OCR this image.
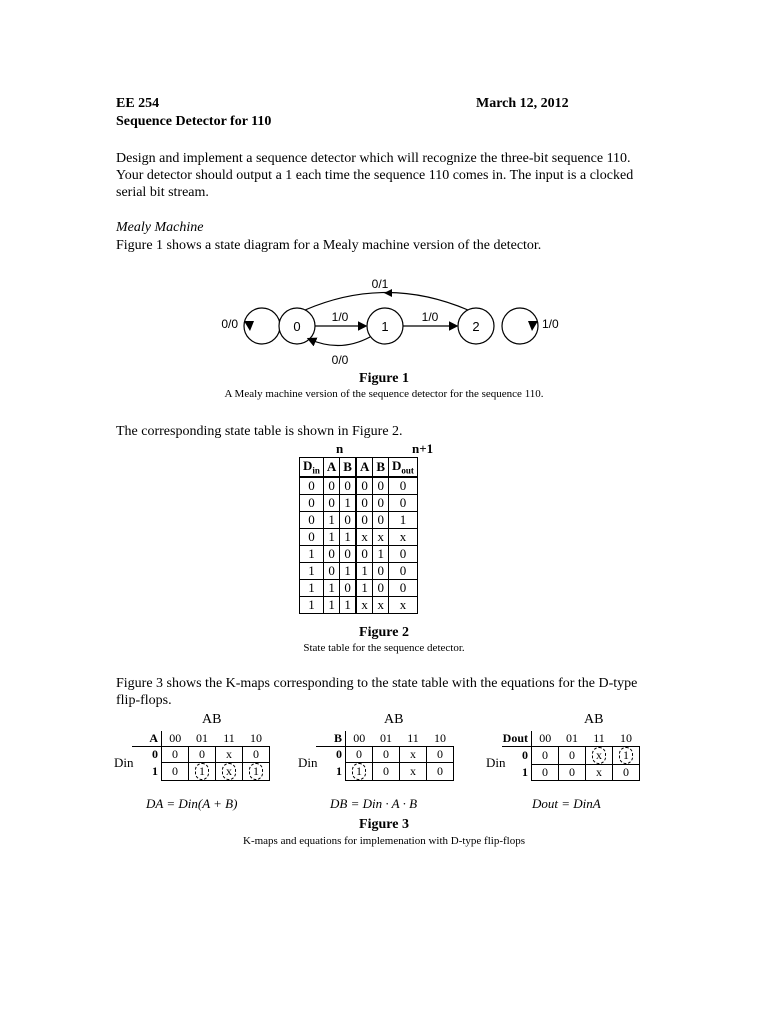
EE 254	March 12, 2012
Sequence Detector for 110
Design and implement a sequence detector which will recognize the three-bit sequence 110. Your detector should output a 1 each time the sequence 110 comes in. The input is a clocked serial bit stream.
Mealy Machine
Figure 1 shows a state diagram for a Mealy machine version of the detector.
0	1	2
0/1
0/0	1/0	1/0	1/0
0/0
Figure 1
A Mealy machine version of the sequence detector for the sequence 110.
The corresponding state table is shown in Figure 2.
n	n+1
$D_{in}$	A	B	A	B	$D_{out}$
0	0	0	0	0	0
0	0	1	0	0	0
0	1	0	0	0	1
0	1	1	x	x	x
1	0	0	0	1	0
1	0	1	1	0	0
1	1	0	1	0	0
1	1	1	x	x	x
Figure 2
State table for the sequence detector.
Figure 3 shows the K-maps corresponding to the state table with the equations for the D-type flip-flops.
AB
A	00	01	11	10
0	0	0	x	0
1	0	1	x	1
Din
DA = Din(A + B)
AB
B	00	01	11	10
0	0	0	x	0
1	1	0	x	0
Din
DB = Din · A · B
AB
Dout	00	01	11	10
0	0	0	x	1
1	0	0	x	0
Din
Dout = DinA
Figure 3
K-maps and equations for implemenation with D-type flip-flops
